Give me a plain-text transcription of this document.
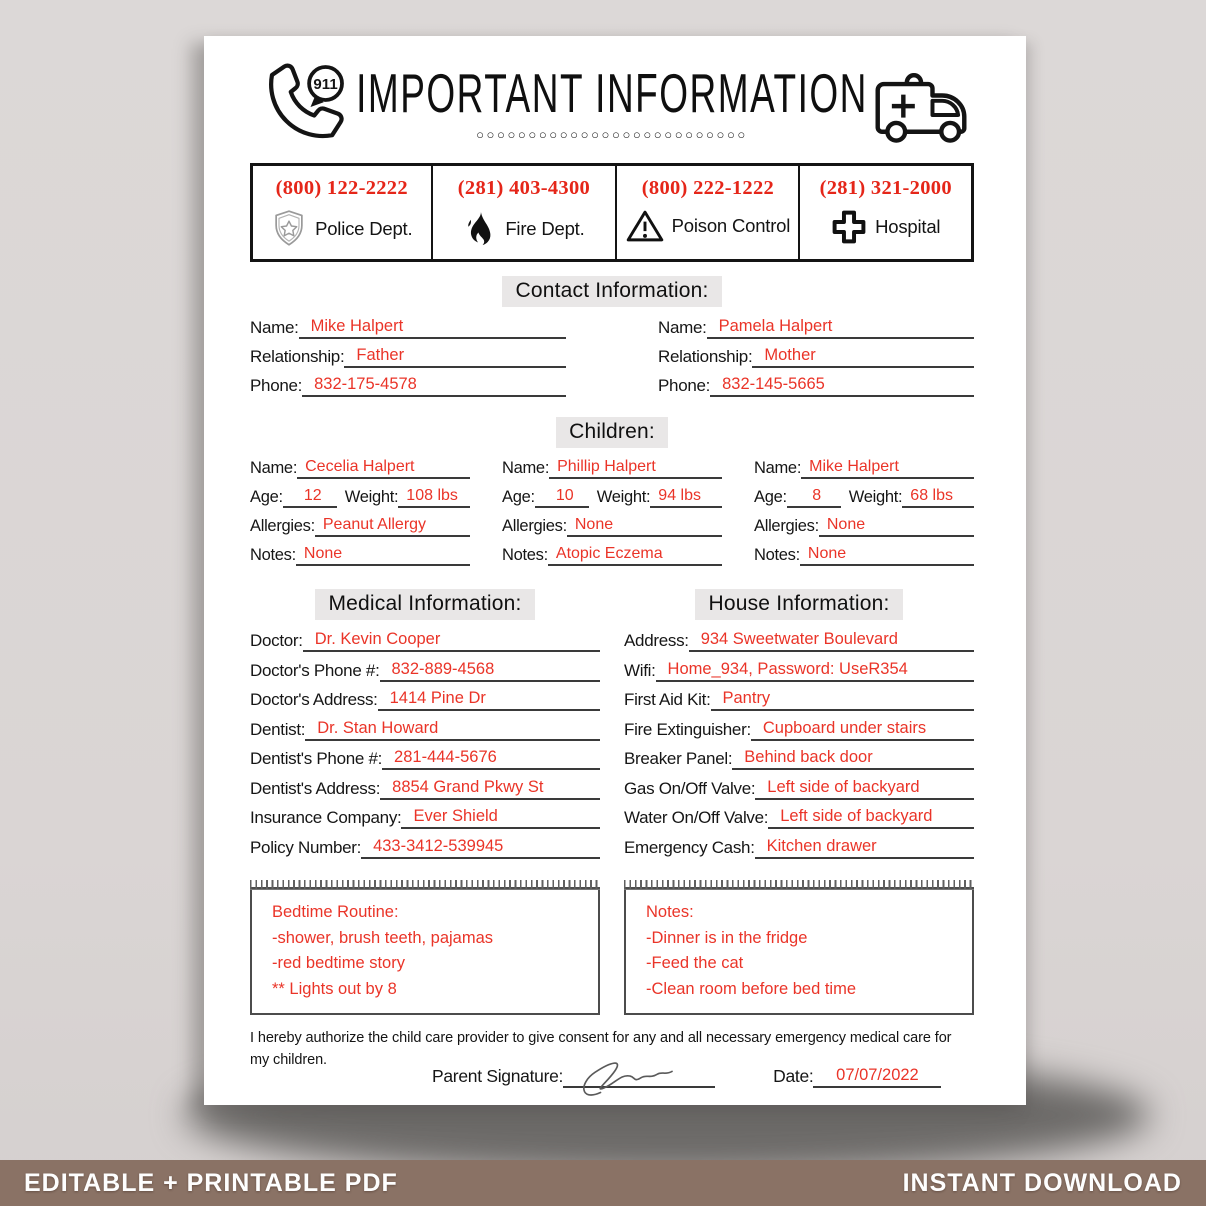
911 IMPORTANT INFORMATION
○○○○○○○○○○○○○○○○○○○○○○○○○○
(800) 122-2222
Police Dept.
(281) 403-4300
Fire Dept.
(800) 222-1222
Poison Control
(281) 321-2000
Hospital
Contact Information:
Name: Mike Halpert
Relationship: Father
Phone: 832-175-4578
Name: Pamela Halpert
Relationship: Mother
Phone: 832-145-5665
Children:
Name: Cecelia Halpert
Age:	12	Weight: 108 lbs
Allergies: Peanut Allergy
Notes: None
Name: Phillip Halpert
Age:	10	Weight: 94 lbs
Allergies: None
Notes: Atopic Eczema
Name: Mike Halpert
Age:	8	Weight: 68 lbs
Allergies: None
Notes: None
Medical Information:	House Information:
Doctor: Dr. Kevin Cooper
Doctor's Phone #: 832-889-4568
Doctor's Address: 1414 Pine Dr
Dentist: Dr. Stan Howard
Dentist's Phone #: 281-444-5676
Dentist's Address: 8854 Grand Pkwy St
Insurance Company: Ever Shield
Policy Number: 433-3412-539945
Address: 934 Sweetwater Boulevard
Wifi: Home_934, Password: UseR354
First Aid Kit: Pantry
Fire Extinguisher: Cupboard under stairs
Breaker Panel: Behind back door
Gas On/Off Valve: Left side of backyard
Water On/Off Valve: Left side of backyard
Emergency Cash: Kitchen drawer
Bedtime Routine:
-shower, brush teeth, pajamas
-red bedtime story
** Lights out by 8
Notes:
-Dinner is in the fridge
-Feed the cat
-Clean room before bed time
I hereby authorize the child care provider to give consent for any and all necessary emergency medical care for my children.
Parent Signature:	Date:	07/07/2022
EDITABLE + PRINTABLE PDF	INSTANT DOWNLOAD
